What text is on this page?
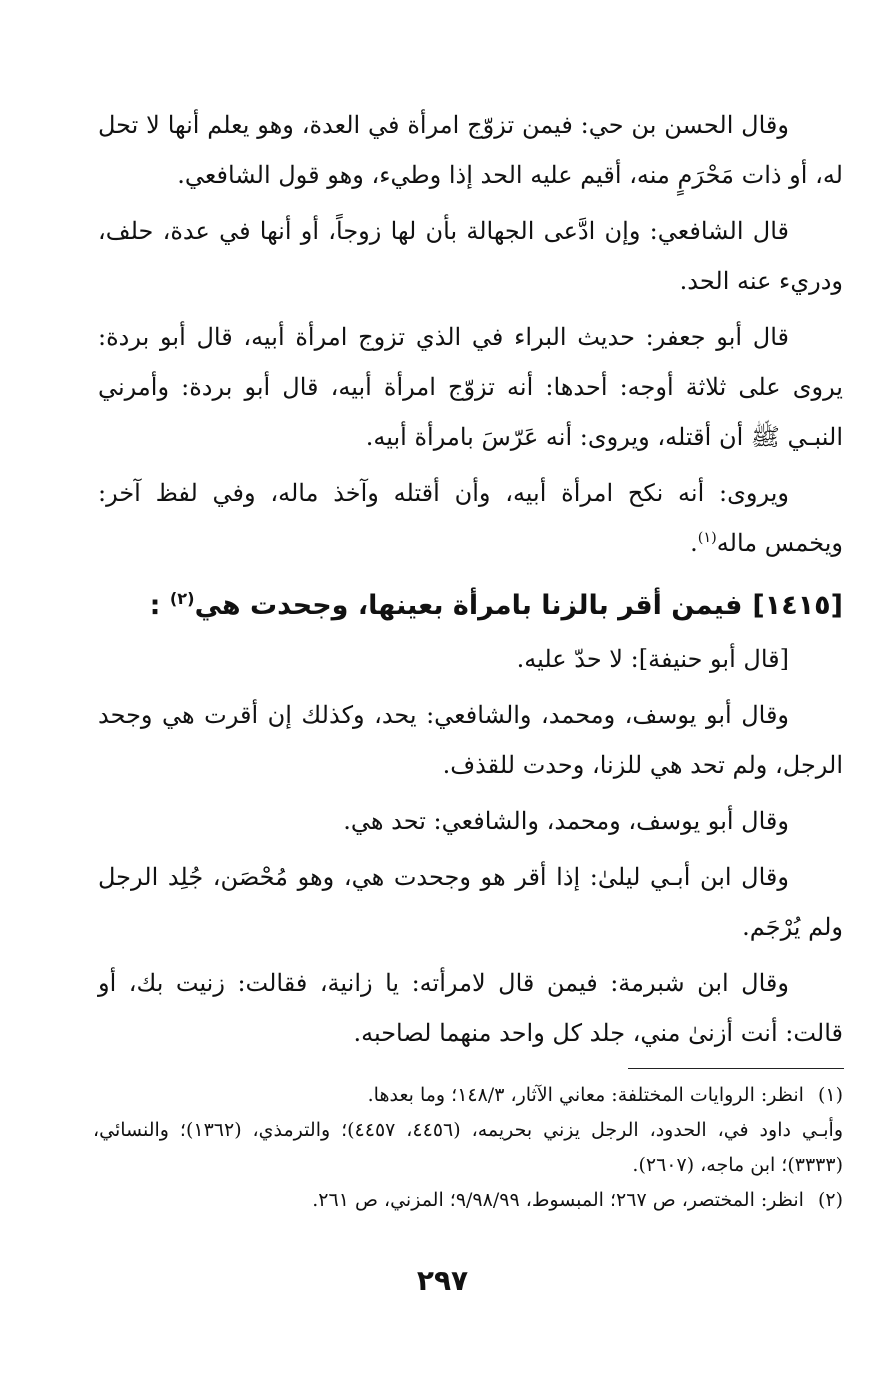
وقال الحسن بن حي: فيمن تزوّج امرأة في العدة، وهو يعلم أنها لا تحل له، أو ذات مَحْرَمٍ منه، أقيم عليه الحد إذا وطيء، وهو قول الشافعي.

قال الشافعي: وإن ادَّعى الجهالة بأن لها زوجاً، أو أنها في عدة، حلف، ودريء عنه الحد.

قال أبو جعفر: حديث البراء في الذي تزوج امرأة أبيه، قال أبو بردة: يروى على ثلاثة أوجه: أحدها: أنه تزوّج امرأة أبيه، قال أبو بردة: وأمرني النبـي ﷺ أن أقتله، ويروى: أنه عَرّسَ بامرأة أبيه.

ويروى: أنه نكح امرأة أبيه، وأن أقتله وآخذ ماله، وفي لفظ آخر: ويخمس ماله$^{(١)}$.

[١٤١٥]فيمن أقر بالزنا بامرأة بعينها، وجحدت هي$^{(٢)}$ :

[قال أبو حنيفة]: لا حدّ عليه.

وقال أبو يوسف، ومحمد، والشافعي: يحد، وكذلك إن أقرت هي وجحد الرجل، ولم تحد هي للزنا، وحدت للقذف.

وقال أبو يوسف، ومحمد، والشافعي: تحد هي.

وقال ابن أبـي ليلىٰ: إذا أقر هو وجحدت هي، وهو مُحْصَن، جُلِد الرجل ولم يُرْجَم.

وقال ابن شبرمة: فيمن قال لامرأته: يا زانية، فقالت: زنيت بك، أو قالت: أنت أزنىٰ مني، جلد كل واحد منهما لصاحبه.

(١)انظر: الروايات المختلفة: معاني الآثار، ١٤٨/٣؛ وما بعدها.

وأبـي داود في، الحدود، الرجل يزني بحريمه، (٤٤٥٦، ٤٤٥٧)؛ والترمذي، (١٣٦٢)؛ والنسائي، (٣٣٣٣)؛ ابن ماجه، (٢٦٠٧).

(٢)انظر: المختصر، ص ٢٦٧؛ المبسوط، ٩/٩٨/٩٩؛ المزني، ص ٢٦١.

٢٩٧
